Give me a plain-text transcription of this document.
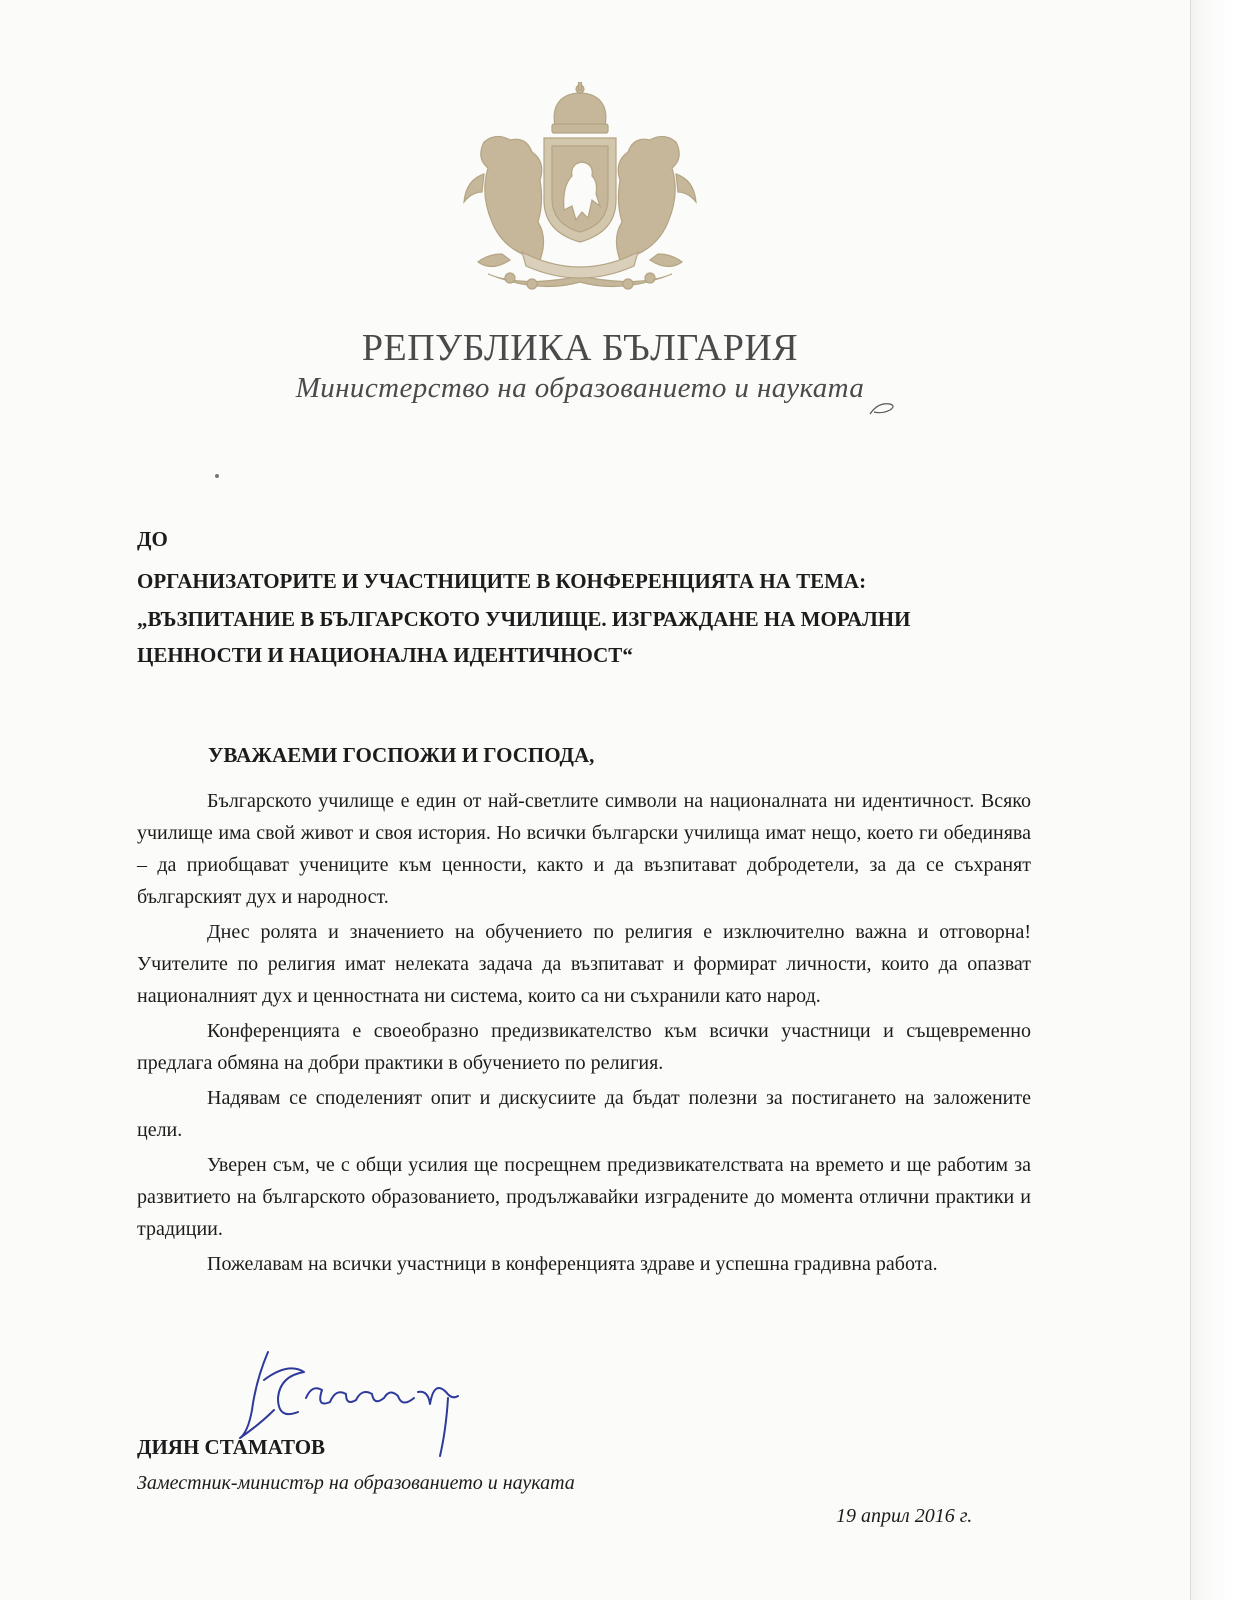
РЕПУБЛИКА БЪЛГАРИЯ
Министерство на образованието и науката

ДО

ОРГАНИЗАТОРИТЕ И УЧАСТНИЦИТЕ В КОНФЕРЕНЦИЯТА НА ТЕМА:

„ВЪЗПИТАНИЕ В БЪЛГАРСКОТО УЧИЛИЩЕ. ИЗГРАЖДАНЕ НА МОРАЛНИ

ЦЕННОСТИ И НАЦИОНАЛНА ИДЕНТИЧНОСТ“

УВАЖАЕМИ ГОСПОЖИ И ГОСПОДА,

Българското училище е един от най-светлите символи на националната ни идентичност. Всяко училище има свой живот и своя история. Но всички български училища имат нещо, което ги обединява – да приобщават учениците към ценности, както и да възпитават добродетели, за да се съхранят българският дух и народност.

Днес ролята и значението на обучението по религия е изключително важна и отговорна! Учителите по религия имат нелеката задача да възпитават и формират личности, които да опазват националният дух и ценностната ни система, които са ни съхранили като народ.

Конференцията е своеобразно предизвикателство към всички участници и същевременно предлага обмяна на добри практики в обучението по религия.

Надявам се споделеният опит и дискусиите да бъдат полезни за постигането на заложените цели.

Уверен съм, че с общи усилия ще посрещнем предизвикателствата на времето и ще работим за развитието на българското образованието, продължавайки изградените до момента отлични практики и традиции.

Пожелавам на всички участници в конференцията здраве и успешна градивна работа.

ДИЯН СТАМАТОВ

Заместник-министър на образованието и науката

19 април 2016 г.
